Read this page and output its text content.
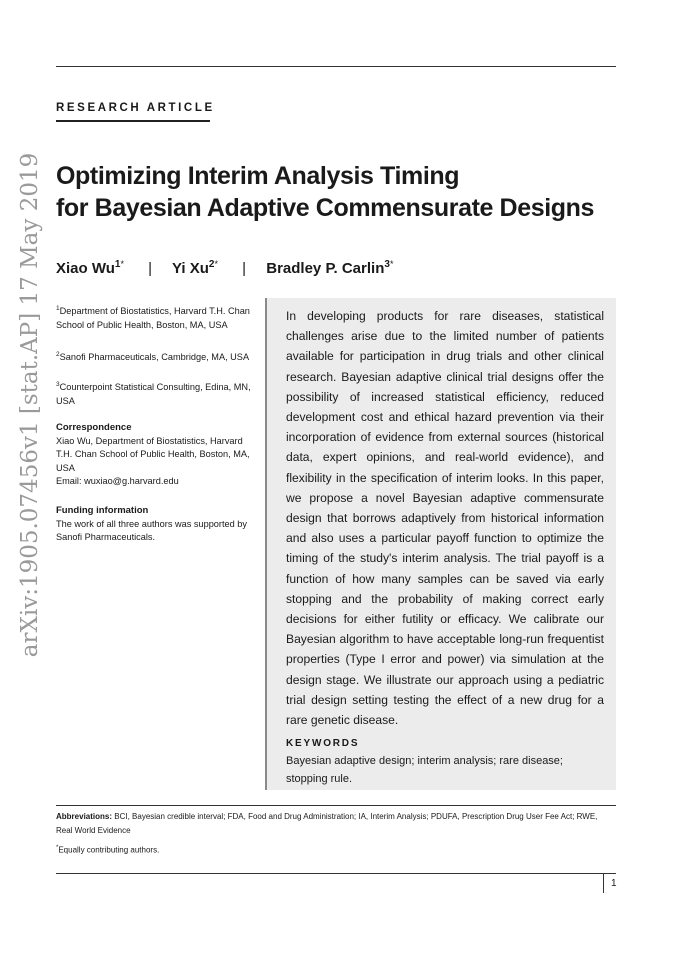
arXiv:1905.07456v1 [stat.AP] 17 May 2019
RESEARCH ARTICLE
Optimizing Interim Analysis Timing
for Bayesian Adaptive Commensurate Designs
Xiao $Wu^{1*}$ | Yi $Xu^{2*}$ | Bradley P. Carlin$^{3*}$
$^1$Department of Biostatistics, Harvard T.H. Chan School of Public Health, Boston, MA, USA
$^2$Sanofi Pharmaceuticals, Cambridge, MA, USA
$^3$Counterpoint Statistical Consulting, Edina, MN, USA
Correspondence
Xiao Wu, Department of Biostatistics, Harvard T.H. Chan School of Public Health, Boston, MA, USA
Email: wuxiao@g.harvard.edu
Funding information
The work of all three authors was supported by Sanofi Pharmaceuticals.
In developing products for rare diseases, statistical challenges arise due to the limited number of patients available for participation in drug trials and other clinical research. Bayesian adaptive clinical trial designs offer the possibility of increased statistical efficiency, reduced development cost and ethical hazard prevention via their incorporation of evidence from external sources (historical data, expert opinions, and real-world evidence), and flexibility in the specification of interim looks. In this paper, we propose a novel Bayesian adaptive commensurate design that borrows adaptively from historical information and also uses a particular payoff function to optimize the timing of the study's interim analysis. The trial payoff is a function of how many samples can be saved via early stopping and the probability of making correct early decisions for either futility or efficacy. We calibrate our Bayesian algorithm to have acceptable long-run frequentist properties (Type I error and power) via simulation at the design stage. We illustrate our approach using a pediatric trial design setting testing the effect of a new drug for a rare genetic disease.
KEYWORDS
Bayesian adaptive design; interim analysis; rare disease; stopping rule.
Abbreviations: BCI, Bayesian credible interval; FDA, Food and Drug Administration; IA, Interim Analysis; PDUFA, Prescription Drug User Fee Act; RWE, Real World Evidence
*Equally contributing authors.
1
